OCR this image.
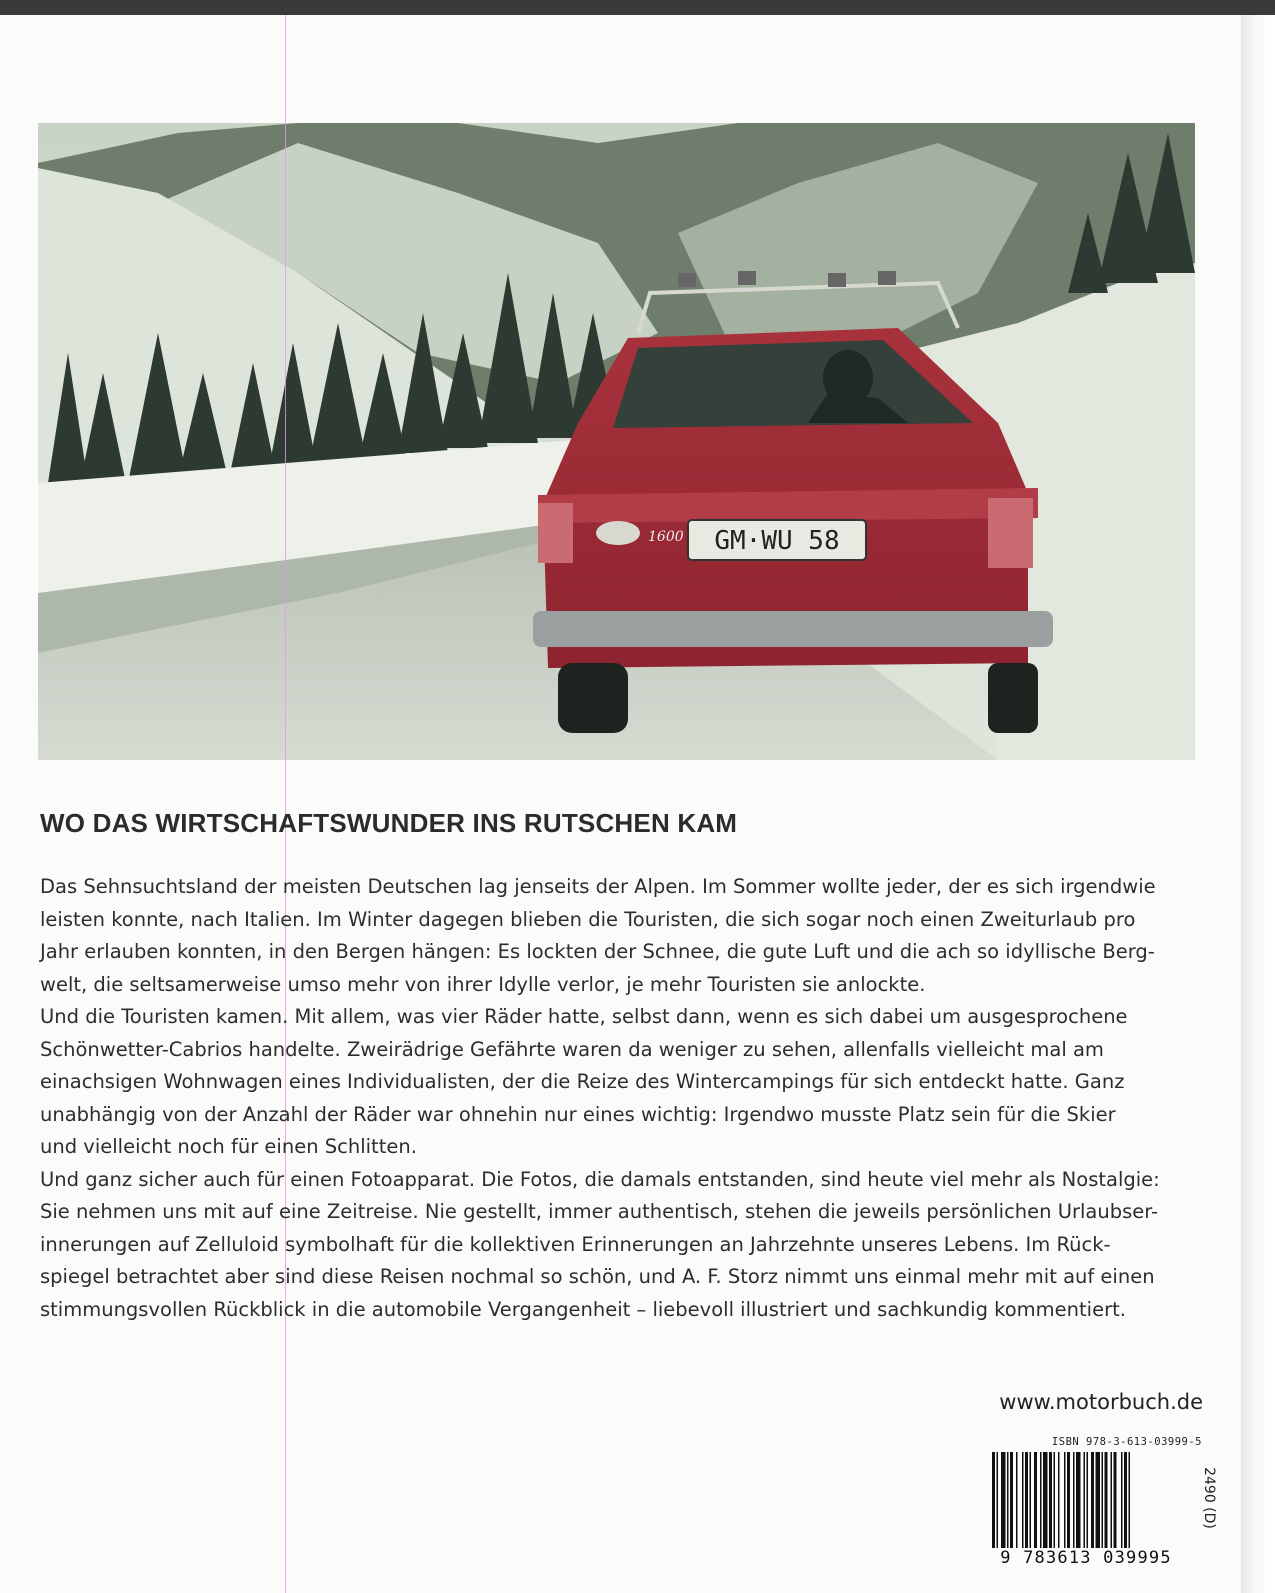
GM·WU 58
1600
WO DAS WIRTSCHAFTSWUNDER INS RUTSCHEN KAM
Das Sehnsuchtsland der meisten Deutschen lag jenseits der Alpen. Im Sommer wollte jeder, der es sich irgendwie
leisten konnte, nach Italien. Im Winter dagegen blieben die Touristen, die sich sogar noch einen Zweiturlaub pro
Jahr erlauben konnten, in den Bergen hängen: Es lockten der Schnee, die gute Luft und die ach so idyllische Berg-
welt, die seltsamerweise umso mehr von ihrer Idylle verlor, je mehr Touristen sie anlockte.
Und die Touristen kamen. Mit allem, was vier Räder hatte, selbst dann, wenn es sich dabei um ausgesprochene
Schönwetter-Cabrios handelte. Zweirädrige Gefährte waren da weniger zu sehen, allenfalls vielleicht mal am
einachsigen Wohnwagen eines Individualisten, der die Reize des Wintercampings für sich entdeckt hatte. Ganz
unabhängig von der Anzahl der Räder war ohnehin nur eines wichtig: Irgendwo musste Platz sein für die Skier
und vielleicht noch für einen Schlitten.
Und ganz sicher auch für einen Fotoapparat. Die Fotos, die damals entstanden, sind heute viel mehr als Nostalgie:
Sie nehmen uns mit auf eine Zeitreise. Nie gestellt, immer authentisch, stehen die jeweils persönlichen Urlaubser-
innerungen auf Zelluloid symbolhaft für die kollektiven Erinnerungen an Jahrzehnte unseres Lebens. Im Rück-
spiegel betrachtet aber sind diese Reisen nochmal so schön, und A. F. Storz nimmt uns einmal mehr mit auf einen
stimmungsvollen Rückblick in die automobile Vergangenheit – liebevoll illustriert und sachkundig kommentiert.
www.motorbuch.de
ISBN 978-3-613-03999-5
9 783613 039995
2490 (D)
